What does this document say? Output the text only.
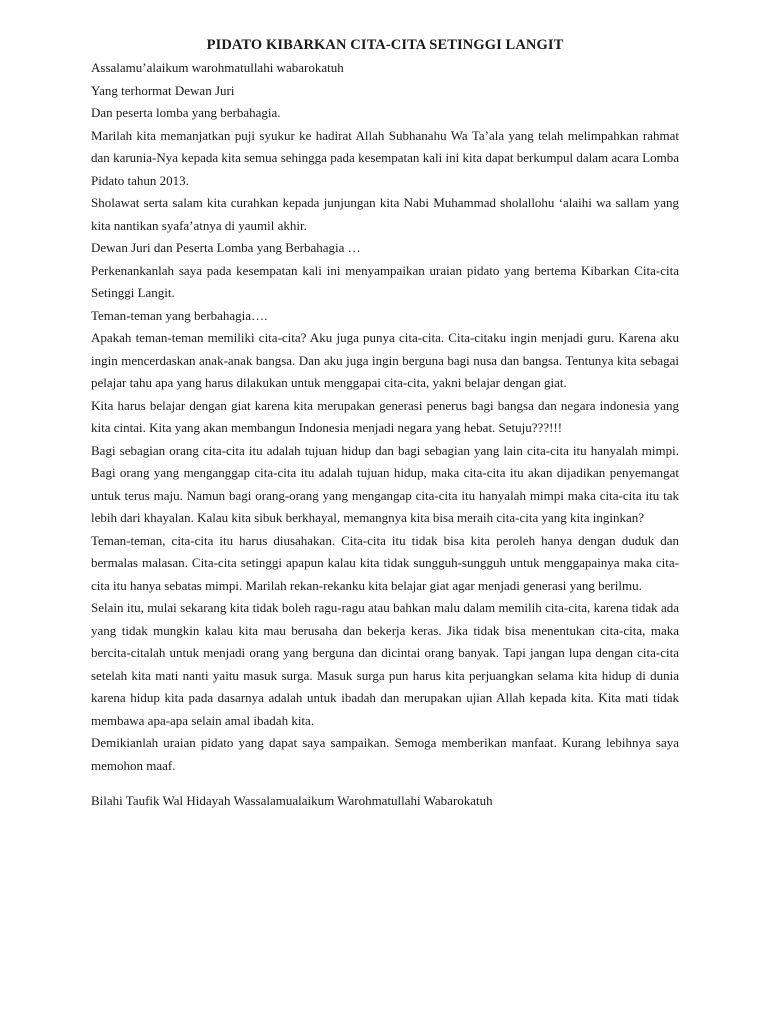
PIDATO KIBARKAN CITA-CITA SETINGGI LANGIT

Assalamu’alaikum warohmatullahi wabarokatuh

Yang terhormat Dewan Juri

Dan peserta lomba yang berbahagia.

Marilah kita memanjatkan puji syukur ke hadirat Allah Subhanahu Wa Ta’ala yang telah melimpahkan rahmat dan karunia-Nya kepada kita semua sehingga pada kesempatan kali ini kita dapat berkumpul dalam acara Lomba Pidato tahun 2013.

Sholawat serta salam kita curahkan kepada junjungan kita Nabi Muhammad sholallohu ‘alaihi wa sallam yang kita nantikan syafa’atnya di yaumil akhir.

Dewan Juri dan Peserta Lomba yang Berbahagia …

Perkenankanlah saya pada kesempatan kali ini menyampaikan uraian pidato yang bertema Kibarkan Cita-cita Setinggi Langit.

Teman-teman yang berbahagia….

Apakah teman-teman memiliki cita-cita? Aku juga punya cita-cita. Cita-citaku ingin menjadi guru. Karena aku ingin mencerdaskan anak-anak bangsa. Dan aku juga ingin berguna bagi nusa dan bangsa. Tentunya kita sebagai pelajar tahu apa yang harus dilakukan untuk menggapai cita-cita, yakni belajar dengan giat.

Kita harus belajar dengan giat karena kita merupakan generasi penerus bagi bangsa dan negara indonesia yang kita cintai. Kita yang akan membangun Indonesia menjadi negara yang hebat. Setuju???!!!

Bagi sebagian orang cita-cita itu adalah tujuan hidup dan bagi sebagian yang lain cita-cita itu hanyalah mimpi. Bagi orang yang menganggap cita-cita itu adalah tujuan hidup, maka cita-cita itu akan dijadikan penyemangat untuk terus maju. Namun bagi orang-orang yang mengangap cita-cita itu hanyalah mimpi maka cita-cita itu tak lebih dari khayalan. Kalau kita sibuk berkhayal, memangnya kita bisa meraih cita-cita yang kita inginkan?

Teman-teman, cita-cita itu harus diusahakan. Cita-cita itu tidak bisa kita peroleh hanya dengan duduk dan bermalas malasan. Cita-cita setinggi apapun kalau kita tidak sungguh-sungguh untuk menggapainya maka cita-cita itu hanya sebatas mimpi. Marilah rekan-rekanku kita belajar giat agar menjadi generasi yang berilmu.

Selain itu, mulai sekarang kita tidak boleh ragu-ragu atau bahkan malu dalam memilih cita-cita, karena tidak ada yang tidak mungkin kalau kita mau berusaha dan bekerja keras. Jika tidak bisa menentukan cita-cita, maka bercita-citalah untuk menjadi orang yang berguna dan dicintai orang banyak. Tapi jangan lupa dengan cita-cita setelah kita mati nanti yaitu masuk surga. Masuk surga pun harus kita perjuangkan selama kita hidup di dunia karena hidup kita pada dasarnya adalah untuk ibadah dan merupakan ujian Allah kepada kita. Kita mati tidak membawa apa-apa selain amal ibadah kita.

Demikianlah uraian pidato yang dapat saya sampaikan. Semoga memberikan manfaat. Kurang lebihnya saya memohon maaf.

Bilahi Taufik Wal Hidayah Wassalamualaikum Warohmatullahi Wabarokatuh
